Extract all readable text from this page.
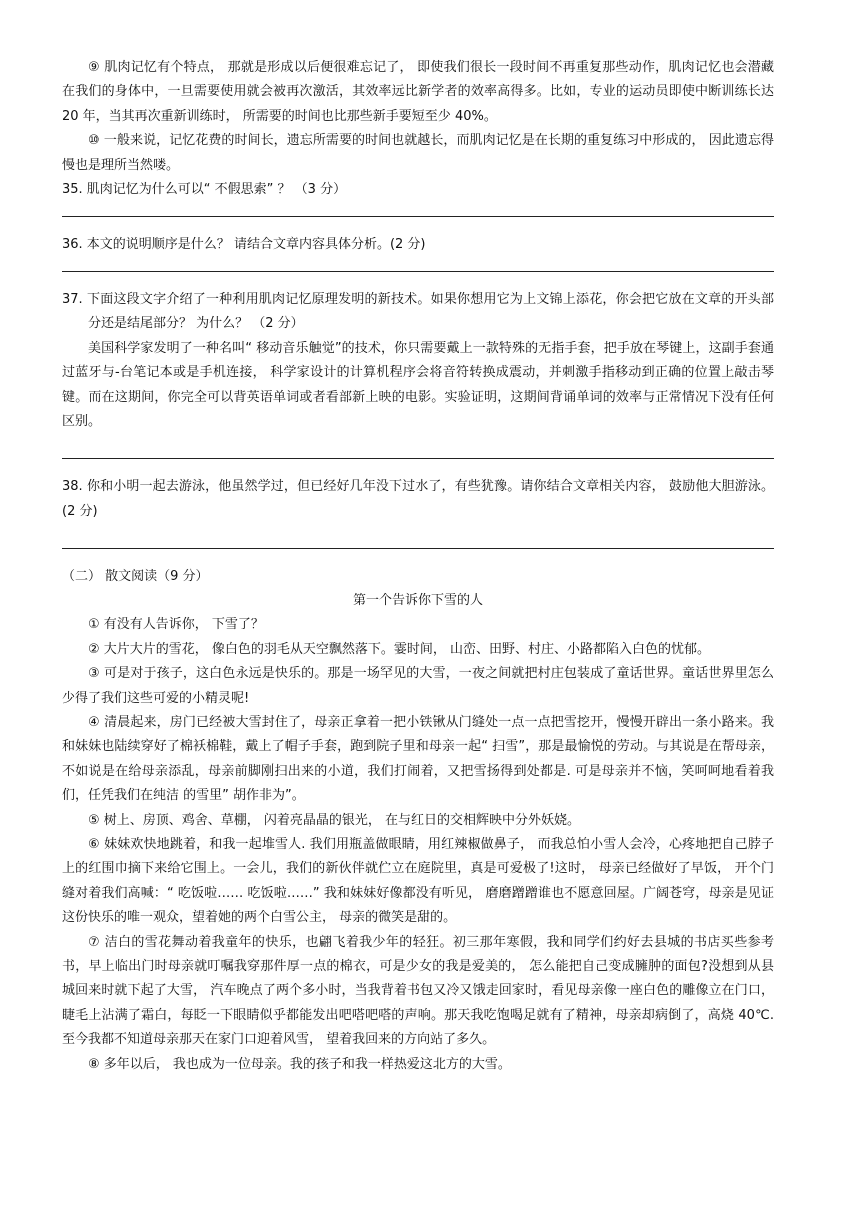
⑨ 肌肉记忆有个特点， 那就是形成以后便很难忘记了， 即使我们很长一段时间不再重复那些动作，肌肉记忆也会潜藏在我们的身体中，一旦需要使用就会被再次激活，其效率远比新学者的效率高得多。比如，专业的运动员即使中断训练长达 20 年，当其再次重新训练时， 所需要的时间也比那些新手要短至少 40%。

⑩ 一般来说，记忆花费的时间长，遗忘所需要的时间也就越长，而肌肉记忆是在长期的重复练习中形成的， 因此遗忘得慢也是理所当然喽。

35. 肌肉记忆为什么可以“ 不假思索” ？ （3 分）

36. 本文的说明顺序是什么？ 请结合文章内容具体分析。(2 分)

37. 下面这段文字介绍了一种利用肌肉记忆原理发明的新技术。如果你想用它为上文锦上添花，你会把它放在文章的开头部分还是结尾部分？ 为什么？ （2 分）

美国科学家发明了一种名叫“ 移动音乐触觉”的技术，你只需要戴上一款特殊的无指手套，把手放在琴键上，这副手套通过蓝牙与-台笔记本或是手机连接， 科学家设计的计算机程序会将音符转换成震动，并刺激手指移动到正确的位置上敲击琴键。而在这期间，你完全可以背英语单词或者看部新上映的电影。实验证明，这期间背诵单词的效率与正常情况下没有任何区别。

38. 你和小明一起去游泳，他虽然学过，但已经好几年没下过水了，有些犹豫。请你结合文章相关内容， 鼓励他大胆游泳。(2 分)

（二） 散文阅读（9 分）

第一个告诉你下雪的人

① 有没有人告诉你， 下雪了？

② 大片大片的雪花， 像白色的羽毛从天空飘然落下。霎时间， 山峦、田野、村庄、小路都陷入白色的忧郁。

③ 可是对于孩子，这白色永远是快乐的。那是一场罕见的大雪，一夜之间就把村庄包装成了童话世界。童话世界里怎么少得了我们这些可爱的小精灵呢!

④ 清晨起来，房门已经被大雪封住了，母亲正拿着一把小铁锹从门缝处一点一点把雪挖开，慢慢开辟出一条小路来。我和妹妹也陆续穿好了棉袄棉鞋，戴上了帽子手套，跑到院子里和母亲一起“ 扫雪”，那是最愉悦的劳动。与其说是在帮母亲，不如说是在给母亲添乱，母亲前脚刚扫出来的小道，我们打闹着，又把雪扬得到处都是. 可是母亲并不恼，笑呵呵地看着我们，任凭我们在纯洁 的雪里” 胡作非为”。

⑤ 树上、房顶、鸡舍、草棚， 闪着亮晶晶的银光， 在与红日的交相辉映中分外妖娆。

⑥ 妹妹欢快地跳着，和我一起堆雪人. 我们用瓶盖做眼睛，用红辣椒做鼻子， 而我总怕小雪人会冷，心疼地把自己脖子上的红围巾摘下来给它围上。一会儿，我们的新伙伴就伫立在庭院里，真是可爱极了!这时， 母亲已经做好了早饭， 开个门缝对着我们高喊：“ 吃饭啦…… 吃饭啦……” 我和妹妹好像都没有听见， 磨磨蹭蹭谁也不愿意回屋。广阔苍穹，母亲是见证这份快乐的唯一观众，望着她的两个白雪公主， 母亲的微笑是甜的。

⑦ 洁白的雪花舞动着我童年的快乐，也翩飞着我少年的轻狂。初三那年寒假，我和同学们约好去县城的书店买些参考书，早上临出门时母亲就叮嘱我穿那件厚一点的棉衣，可是少女的我是爱美的， 怎么能把自己变成臃肿的面包?没想到从县城回来时就下起了大雪， 汽车晚点了两个多小时，当我背着书包又冷又饿走回家时，看见母亲像一座白色的雕像立在门口，睫毛上沾满了霜白，每眨一下眼睛似乎都能发出吧嗒吧嗒的声响。那天我吃饱喝足就有了精神，母亲却病倒了，高烧 40℃.至今我都不知道母亲那天在家门口迎着风雪， 望着我回来的方向站了多久。

⑧ 多年以后， 我也成为一位母亲。我的孩子和我一样热爱这北方的大雪。
